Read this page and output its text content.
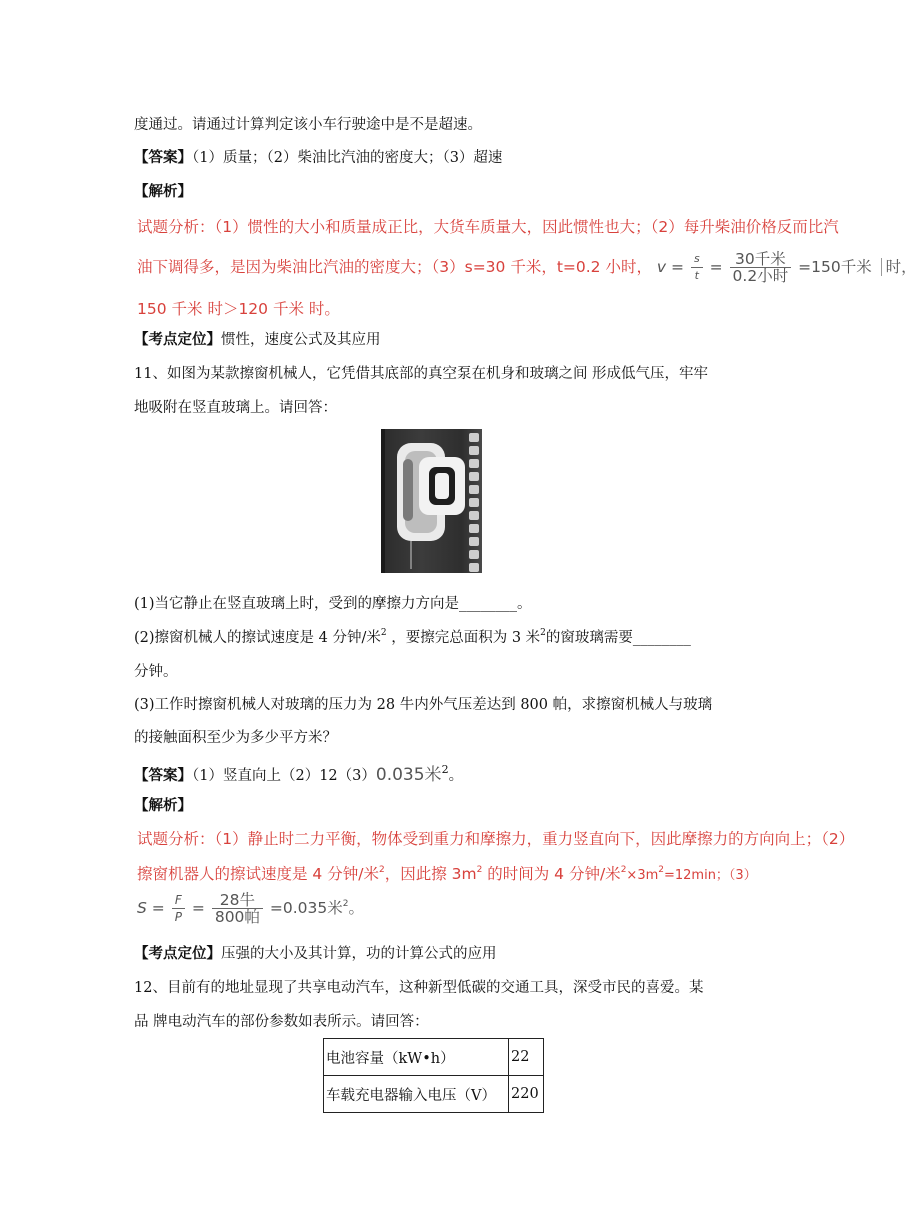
度通过。请通过计算判定该小车行驶途中是不是超速。
【答案】（1）质量；（2）柴油比汽油的密度大；（3）超速
【解析】
试题分析：（1）惯性的大小和质量成正比，大货车质量大，因此惯性也大；（2）每升柴油价格反而比汽
油下调得多，是因为柴油比汽油的密度大；（3）s=30 千米，t=0.2 小时， $v = \frac{s}{t} = \frac{\text{30千米}}{\text{0.2小时}} =150$千米 时，
150 千米 时＞120 千米 时。
【考点定位】惯性，速度公式及其应用
11、如图为某款擦窗机械人，它凭借其底部的真空泵在机身和玻璃之间 形成低气压，牢牢
地吸附在竖直玻璃上。请回答：
(1)当它静止在竖直玻璃上时，受到的摩擦力方向是________。
(2)擦窗机械人的擦试速度是 4 分钟/米$^2$ ，要擦完总面积为 3 米$^2$的窗玻璃需要________
分钟。
(3)工作时擦窗机械人对玻璃的压力为 28 牛内外气压差达到 800 帕，求擦窗机械人与玻璃
的接触面积至少为多少平方米？
【答案】（1）竖直向上（2）12（3）0.035米$^2$。
【解析】
试题分析：（1）静止时二力平衡，物体受到重力和摩擦力，重力竖直向下，因此摩擦力的方向向上；（2）
擦窗机器人的擦试速度是 4 分钟/米$^2$，因此擦 $3m^2$ 的时间为 4 分钟/米$^2\times 3m^2=12\min$；（3）
$S = \frac{F}{P} = \frac{\text{28牛}}{\text{800帕}} =0.035$米$^2$。
【考点定位】压强的大小及其计算，功的计算公式的应用
12、目前有的地址显现了共享电动汽车，这种新型低碳的交通工具，深受市民的喜爱。某
品 牌电动汽车的部份参数如表所示。请回答：
电池容量（kW•h）	22
车载充电器输入电压（V）	220
